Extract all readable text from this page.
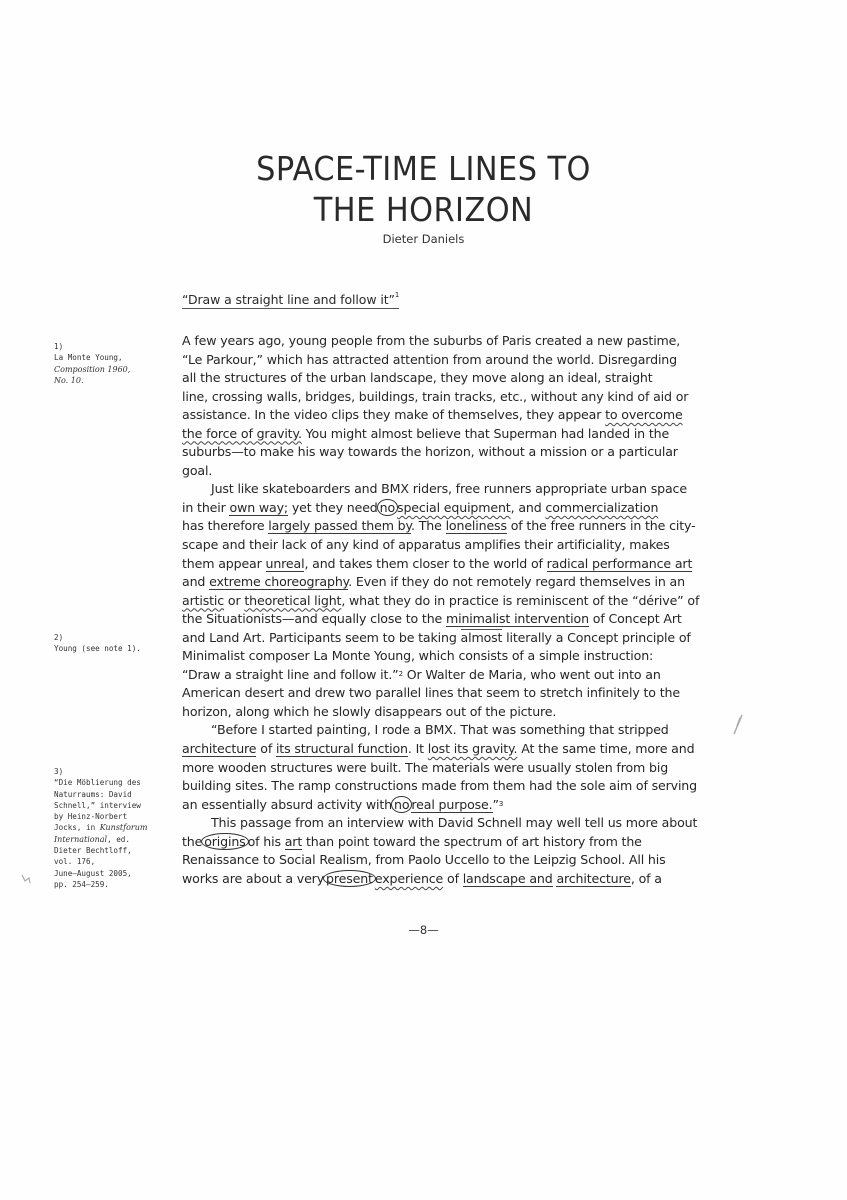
SPACE-TIME LINES TO
THE HORIZON
Dieter Daniels
“Draw a straight line and follow it”$^1$
A few years ago, young people from the suburbs of Paris created a new pastime,
“Le Parkour,” which has attracted attention from around the world. Disregarding
all the structures of the urban landscape, they move along an ideal, straight
line, crossing walls, bridges, buildings, train tracks, etc., without any kind of aid or
assistance. In the video clips they make of themselves, they appear to overcome
the force of gravity. You might almost believe that Superman had landed in the
suburbs—to make his way towards the horizon, without a mission or a particular
goal.
Just like skateboarders and BMX riders, free runners appropriate urban space
in their own way; yet they need no special equipment, and commercialization
has therefore largely passed them by. The loneliness of the free runners in the city-
scape and their lack of any kind of apparatus amplifies their artificiality, makes
them appear unreal, and takes them closer to the world of radical performance art
and extreme choreography. Even if they do not remotely regard themselves in an
artistic or theoretical light, what they do in practice is reminiscent of the “dérive” of
the Situationists—and equally close to the minimalist intervention of Concept Art
and Land Art. Participants seem to be taking almost literally a Concept principle of
Minimalist composer La Monte Young, which consists of a simple instruction:
“Draw a straight line and follow it.”$^2$ Or Walter de Maria, who went out into an
American desert and drew two parallel lines that seem to stretch infinitely to the
horizon, along which he slowly disappears out of the picture.
“Before I started painting, I rode a BMX. That was something that stripped
architecture of its structural function. It lost its gravity. At the same time, more and
more wooden structures were built. The materials were usually stolen from big
building sites. The ramp constructions made from them had the sole aim of serving
an essentially absurd activity with no real purpose.”$^3$
This passage from an interview with David Schnell may well tell us more about
the origins of his art than point toward the spectrum of art history from the
Renaissance to Social Realism, from Paolo Uccello to the Leipzig School. All his
works are about a very present experience of landscape and architecture, of a
1)
La Monte Young,
Composition 1960,
No. 10.
2)
Young (see note 1).
3)
“Die Möblierung des
Naturraums: David
Schnell,” interview
by Heinz-Norbert
Jocks, in Kunstforum
International, ed.
Dieter Bechtloff,
vol. 176,
June–August 2005,
pp. 254–259.
—8—
